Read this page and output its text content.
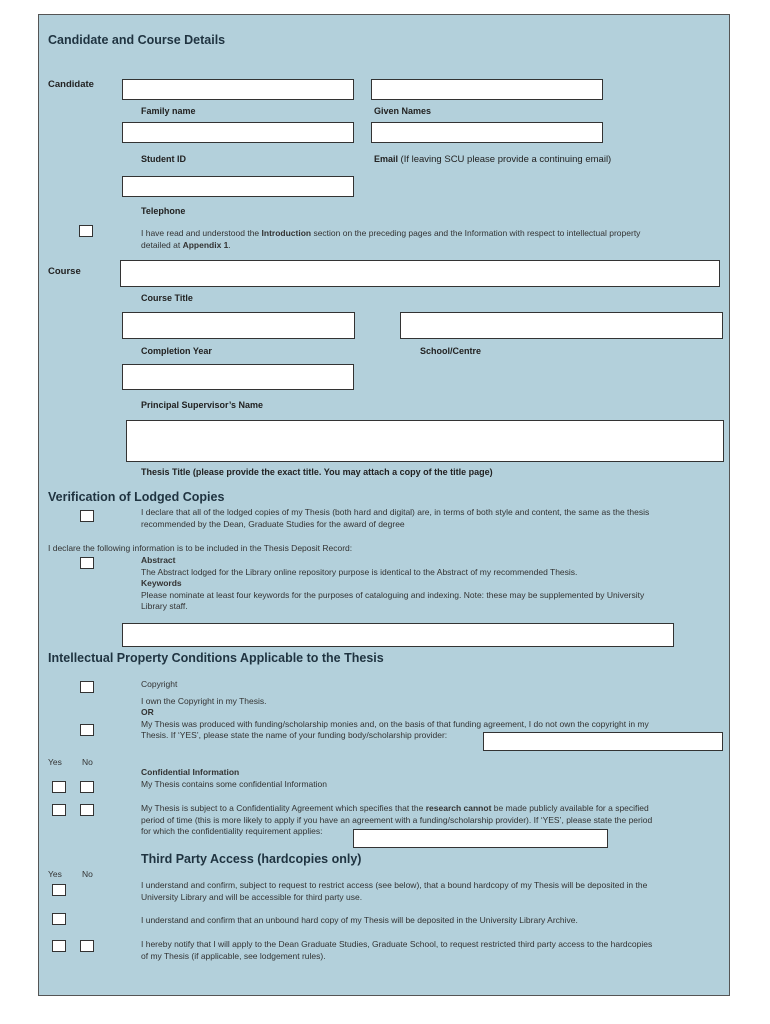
Candidate and Course Details
Candidate
Family name	Given Names
Student ID	Email (If leaving SCU please provide a continuing email)
Telephone
I have read and understood the Introduction section on the preceding pages and the Information with respect to intellectual property
detailed at Appendix 1.
Course
Course Title
Completion Year	School/Centre
Principal Supervisor’s Name
Thesis Title (please provide the exact title. You may attach a copy of the title page)
Verification of Lodged Copies
I declare that all of the lodged copies of my Thesis (both hard and digital) are, in terms of both style and content, the same as the thesis
recommended by the Dean, Graduate Studies for the award of degree
I declare the following information is to be included in the Thesis Deposit Record:
Abstract
The Abstract lodged for the Library online repository purpose is identical to the Abstract of my recommended Thesis.
Keywords
Please nominate at least four keywords for the purposes of cataloguing and indexing. Note: these may be supplemented by University
Library staff.
Intellectual Property Conditions Applicable to the Thesis
Copyright

I own the Copyright in my Thesis.
OR
My Thesis was produced with funding/scholarship monies and, on the basis of that funding agreement, I do not own the copyright in my
Thesis. If ‘YES’, please state the name of your funding body/scholarship provider:
Yes No
Confidential Information
My Thesis contains some confidential Information
My Thesis is subject to a Confidentiality Agreement which specifies that the research cannot be made publicly available for a specified
period of time (this is more likely to apply if you have an agreement with a funding/scholarship provider). If ‘YES’, please state the period
for which the confidentiality requirement applies:
Third Party Access (hardcopies only)
Yes No
I understand and confirm, subject to request to restrict access (see below), that a bound hardcopy of my Thesis will be deposited in the
University Library and will be accessible for third party use.
I understand and confirm that an unbound hard copy of my Thesis will be deposited in the University Library Archive.
I hereby notify that I will apply to the Dean Graduate Studies, Graduate School, to request restricted third party access to the hardcopies
of my Thesis (if applicable, see lodgement rules).
